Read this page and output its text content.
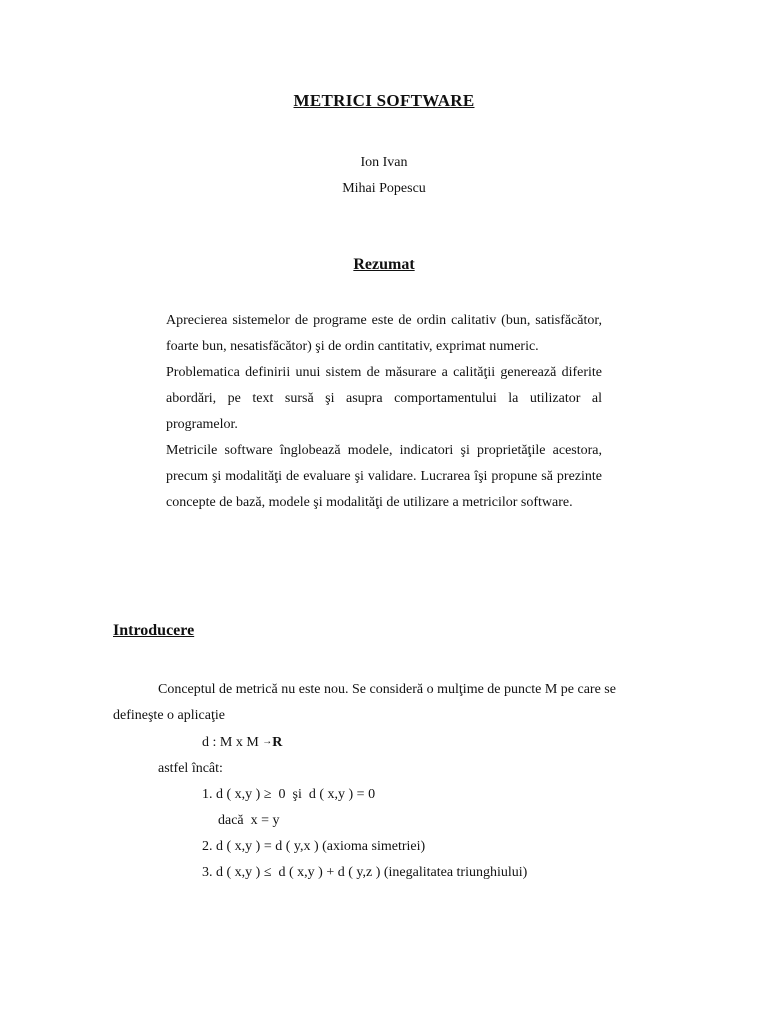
METRICI SOFTWARE
Ion Ivan
Mihai Popescu
Rezumat

Aprecierea sistemelor de programe este de ordin calitativ (bun, satisfăcător, foarte bun, nesatisfăcător) şi de ordin cantitativ, exprimat numeric.

Problematica definirii unui sistem de măsurare a calităţii generează diferite abordări, pe text sursă şi asupra comportamentului la utilizator al programelor.

Metricile software înglobează modele, indicatori şi proprietăţile acestora, precum şi modalităţi de evaluare şi validare. Lucrarea îşi propune să prezinte concepte de bază, modele şi modalităţi de utilizare a metricilor software.

Introducere

Conceptul de metrică nu este nou. Se consideră o mulţime de puncte M pe care se defineşte o aplicaţie

d : M x M →R

astfel încât:

1. d ( x,y ) ≥  0  şi  d ( x,y ) = 0

dacă  x = y

2. d ( x,y ) = d ( y,x ) (axioma simetriei)

3. d ( x,y ) ≤  d ( x,y ) + d ( y,z ) (inegalitatea triunghiului)
